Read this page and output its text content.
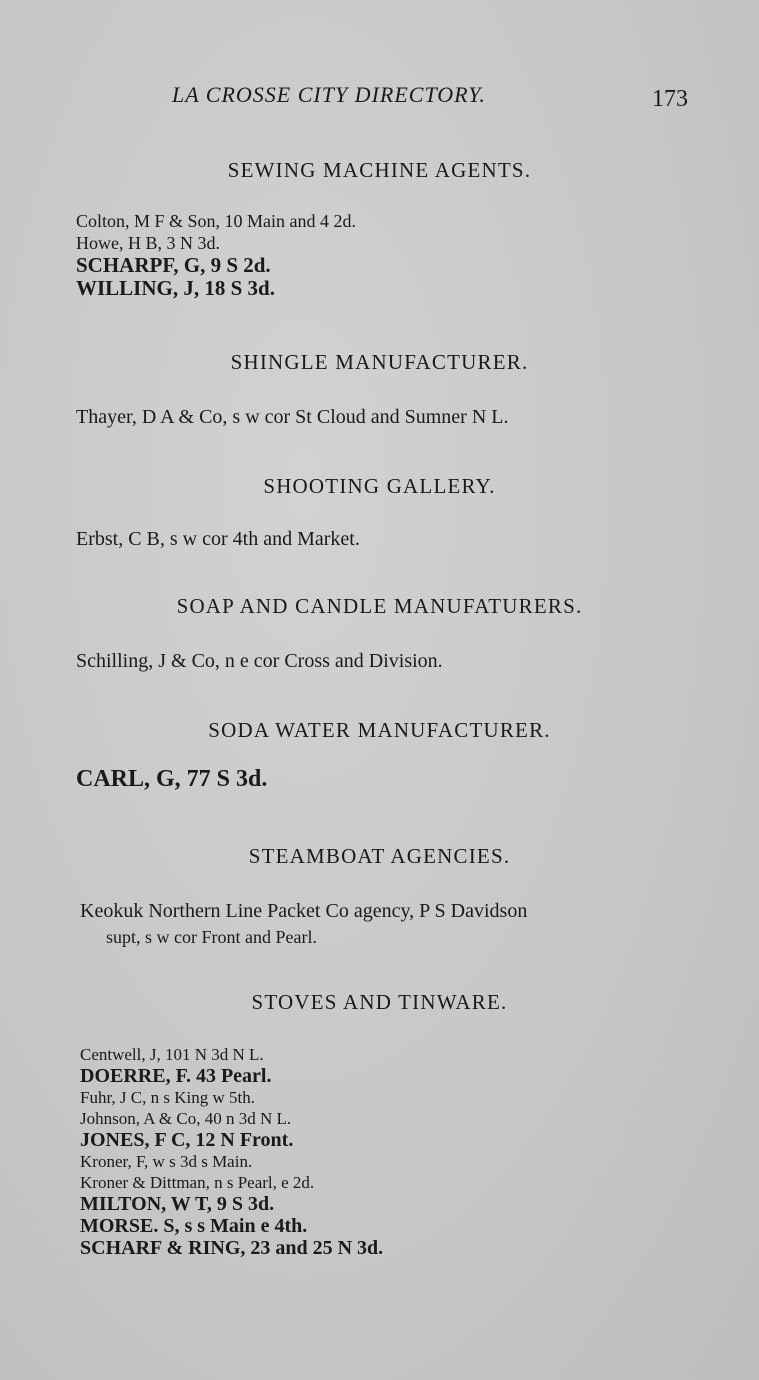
LA CROSSE CITY DIRECTORY.	173
SEWING MACHINE AGENTS.
Colton, M F & Son, 10 Main and 4 2d.
Howe, H B, 3 N 3d.
SCHARPF, G, 9 S 2d.
WILLING, J, 18 S 3d.
SHINGLE MANUFACTURER.
Thayer, D A & Co, s w cor St Cloud and Sumner N L.
SHOOTING GALLERY.
Erbst, C B, s w cor 4th and Market.
SOAP AND CANDLE MANUFATURERS.
Schilling, J & Co, n e cor Cross and Division.
SODA WATER MANUFACTURER.
CARL, G, 77 S 3d.
STEAMBOAT AGENCIES.
Keokuk Northern Line Packet Co agency, P S Davidson
supt, s w cor Front and Pearl.
STOVES AND TINWARE.
Centwell, J, 101 N 3d N L.
DOERRE, F. 43 Pearl.
Fuhr, J C, n s King w 5th.
Johnson, A & Co, 40 n 3d N L.
JONES, F C, 12 N Front.
Kroner, F, w s 3d s Main.
Kroner & Dittman, n s Pearl, e 2d.
MILTON, W T, 9 S 3d.
MORSE. S, s s Main e 4th.
SCHARF & RING, 23 and 25 N 3d.
